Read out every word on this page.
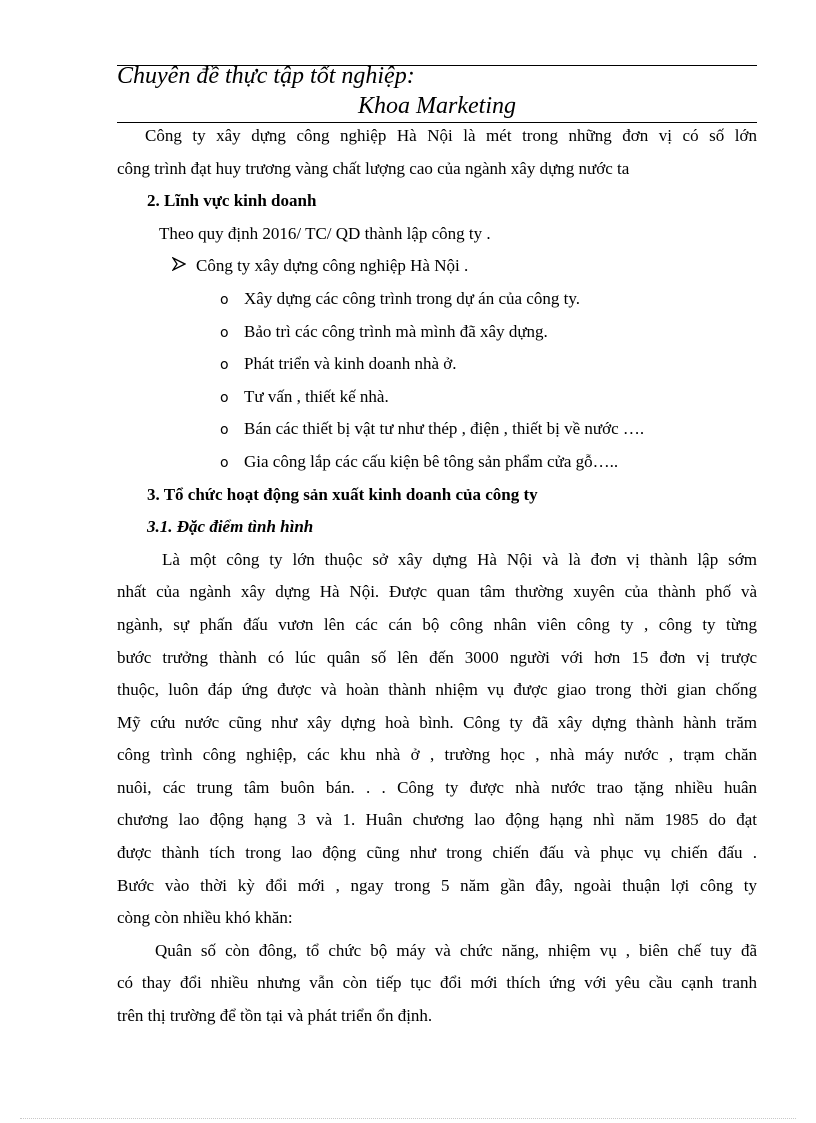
Chuyên đề thực tập tốt nghiệp:
Khoa Marketing
Công ty xây dựng công nghiệp Hà Nội là mét trong những đơn vị có số lớn
công trình đạt huy trương vàng chất lượng cao của ngành xây dựng nước ta
2. Lĩnh vực kinh doanh
Theo quy định 2016/ TC/ QD thành lập công ty .
Công ty xây dựng công nghiệp Hà Nội .
o Xây dựng các công trình trong dự án của công ty.
o Bảo trì các công trình mà mình đã xây dựng.
o Phát triển và kinh doanh nhà ở.
o Tư vấn , thiết kế nhà.
o Bán các thiết bị vật tư như thép , điện , thiết bị về nước ….
o Gia công lắp các cấu kiện bê tông sản phẩm cửa gỗ…..
3. Tổ chức hoạt động sản xuất kinh doanh của công ty
3.1. Đặc điểm tình hình
Là một công ty lớn thuộc sở xây dựng Hà Nội và là đơn vị thành lập sớm
nhất của ngành xây dựng Hà Nội. Được quan tâm thường xuyên của thành phố và
ngành, sự phấn đấu vươn lên các cán bộ công nhân viên công ty , công ty từng
bước trưởng thành có lúc quân số lên đến 3000 người với hơn 15 đơn vị trược
thuộc, luôn đáp ứng được và hoàn thành nhiệm vụ được giao trong thời gian chống
Mỹ cứu nước cũng như xây dựng hoà bình. Công ty đã xây dựng thành hành trăm
công trình công nghiệp, các khu nhà ở , trường học , nhà máy nước , trạm chăn
nuôi, các trung tâm buôn bán. . . Công ty được nhà nước trao tặng nhiều huân
chương lao động hạng 3 và 1. Huân chương lao động hạng nhì năm 1985 do đạt
được thành tích trong lao động cũng như trong chiến đấu và phục vụ chiến đấu .
Bước vào thời kỳ đổi mới , ngay trong 5 năm gần đây, ngoài thuận lợi công ty
còng còn nhiều khó khăn:
Quân số còn đông, tổ chức bộ máy và chức năng, nhiệm vụ , biên chế tuy đã
có thay đổi nhiều nhưng vẫn còn tiếp tục đổi mới thích ứng với yêu cầu cạnh tranh
trên thị trường để tồn tại và phát triển ổn định.
